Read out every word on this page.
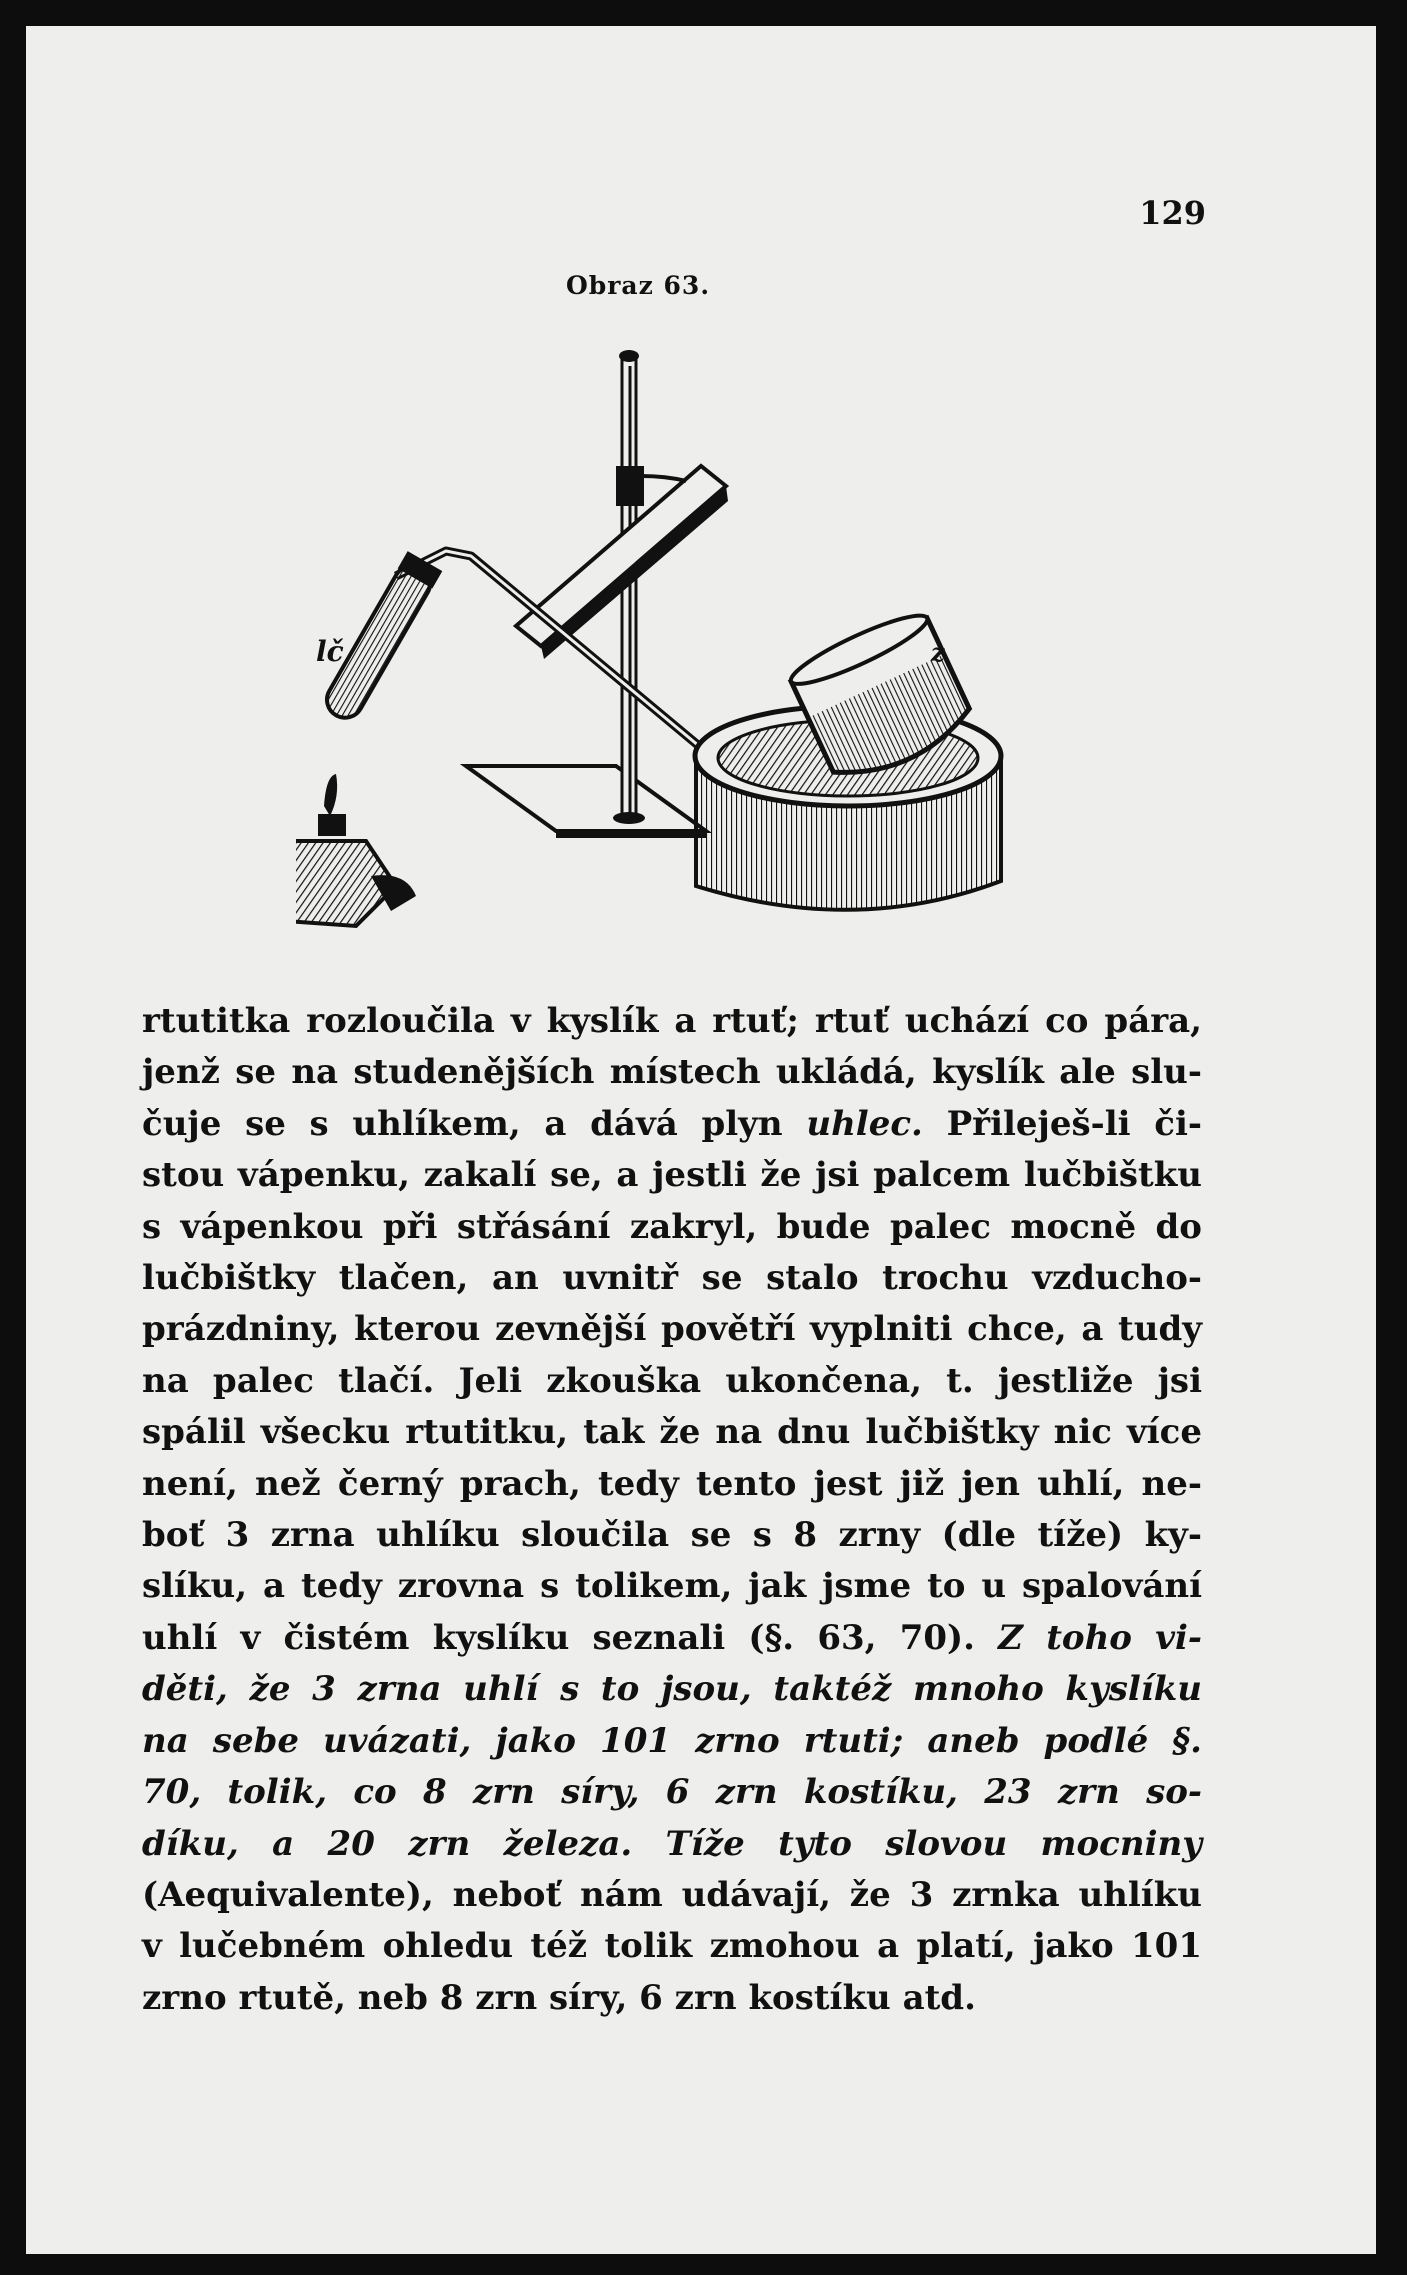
129
Obraz 63.
lč	z
rtutitka rozloučila v kyslík a rtuť; rtuť uchází co pára,
jenž se na studenějších místech ukládá, kyslík ale slu-
čuje se s uhlíkem, a dává plyn uhlec. Přileješ-li či-
stou vápenku, zakalí se, a jestli že jsi palcem lučbištku
s vápenkou při střásání zakryl, bude palec mocně do
lučbištky tlačen, an uvnitř se stalo trochu vzducho-
prázdniny, kterou zevnější povětří vyplniti chce, a tudy
na palec tlačí. Jeli zkouška ukončena, t. jestliže jsi
spálil všecku rtutitku, tak že na dnu lučbištky nic více
není, než černý prach, tedy tento jest již jen uhlí, ne-
boť 3 zrna uhlíku sloučila se s 8 zrny (dle tíže) ky-
slíku, a tedy zrovna s tolikem, jak jsme to u spalování
uhlí v čistém kyslíku seznali (§. 63, 70). Z toho vi-
děti, že 3 zrna uhlí s to jsou, taktéž mnoho kyslíku
na sebe uvázati, jako 101 zrno rtuti; aneb podlé §.
70, tolik, co 8 zrn síry, 6 zrn kostíku, 23 zrn so-
díku, a 20 zrn železa. Tíže tyto slovou mocniny
(Aequivalente), neboť nám udávají, že 3 zrnka uhlíku
v lučebném ohledu též tolik zmohou a platí, jako 101
zrno rtutě, neb 8 zrn síry, 6 zrn kostíku atd.
